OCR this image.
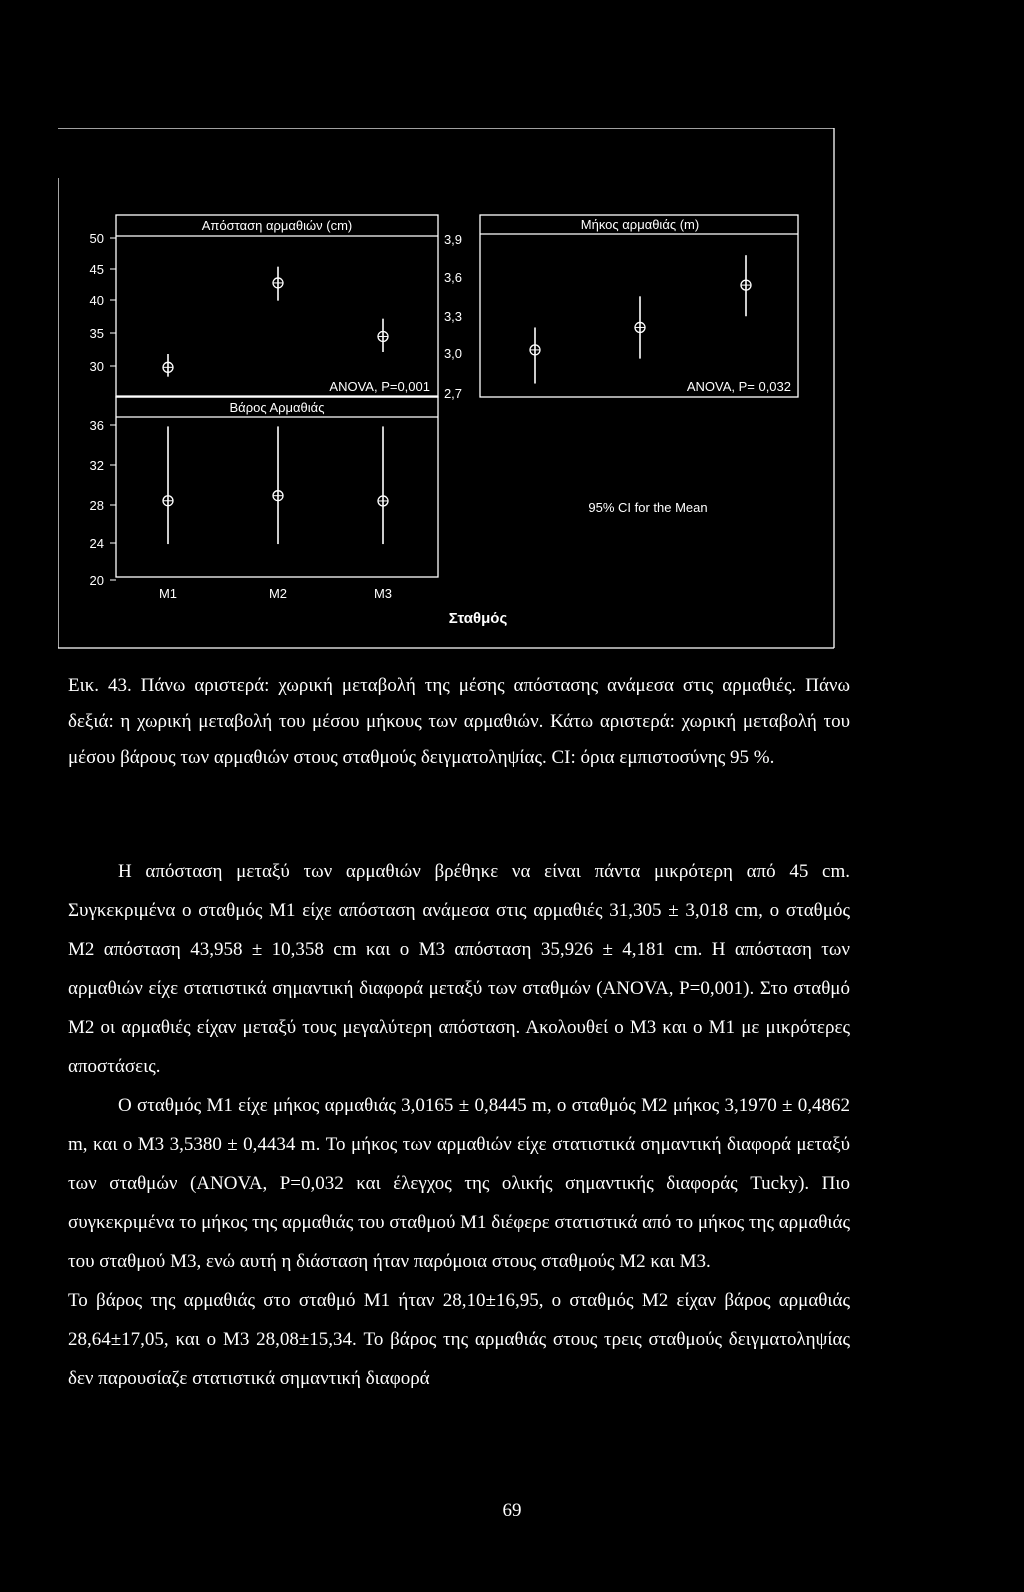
Απόσταση αρμαθιών (cm)
50
45
40
35
30
ANOVA, P=0,001
Μήκος αρμαθιάς (m)
3,9
3,6
3,3
3,0
2,7	ANOVA, P= 0,032
Βάρος Αρμαθιάς
36
32
28
24
20
95% CI for the Mean
M1	M2	M3
Σταθμός
Εικ. 43. Πάνω αριστερά: χωρική μεταβολή της μέσης απόστασης ανάμεσα στις αρμαθιές. Πάνω δεξιά: η χωρική μεταβολή του μέσου μήκους των αρμαθιών. Κάτω αριστερά: χωρική μεταβολή του μέσου βάρους των αρμαθιών στους σταθμούς δειγματοληψίας. CI: όρια εμπιστοσύνης 95 %.

Η απόσταση μεταξύ των αρμαθιών βρέθηκε να είναι πάντα μικρότερη από 45 cm. Συγκεκριμένα ο σταθμός M1 είχε απόσταση ανάμεσα στις αρμαθιές 31,305 ± 3,018 cm, ο σταθμός M2 απόσταση 43,958 ± 10,358 cm και ο M3 απόσταση 35,926 ± 4,181 cm. Η απόσταση των αρμαθιών είχε στατιστικά σημαντική διαφορά μεταξύ των σταθμών (ANOVA, P=0,001). Στο σταθμό M2 οι αρμαθιές είχαν μεταξύ τους μεγαλύτερη απόσταση. Ακολουθεί ο M3 και ο M1 με μικρότερες αποστάσεις.

Ο σταθμός M1 είχε μήκος αρμαθιάς 3,0165 ± 0,8445 m, ο σταθμός M2 μήκος 3,1970 ± 0,4862 m, και ο M3 3,5380 ± 0,4434 m. Το μήκος των αρμαθιών είχε στατιστικά σημαντική διαφορά μεταξύ των σταθμών (ANOVA, P=0,032 και έλεγχος της ολικής σημαντικής διαφοράς Tucky). Πιο συγκεκριμένα το μήκος της αρμαθιάς του σταθμού M1 διέφερε στατιστικά από το μήκος της αρμαθιάς του σταθμού M3, ενώ αυτή η διάσταση ήταν παρόμοια στους σταθμούς M2 και M3.

Το βάρος της αρμαθιάς στο σταθμό M1 ήταν 28,10±16,95, ο σταθμός M2 είχαν βάρος αρμαθιάς 28,64±17,05, και ο M3 28,08±15,34. Το βάρος της αρμαθιάς στους τρεις σταθμούς δειγματοληψίας δεν παρουσίαζε στατιστικά σημαντική διαφορά

69
